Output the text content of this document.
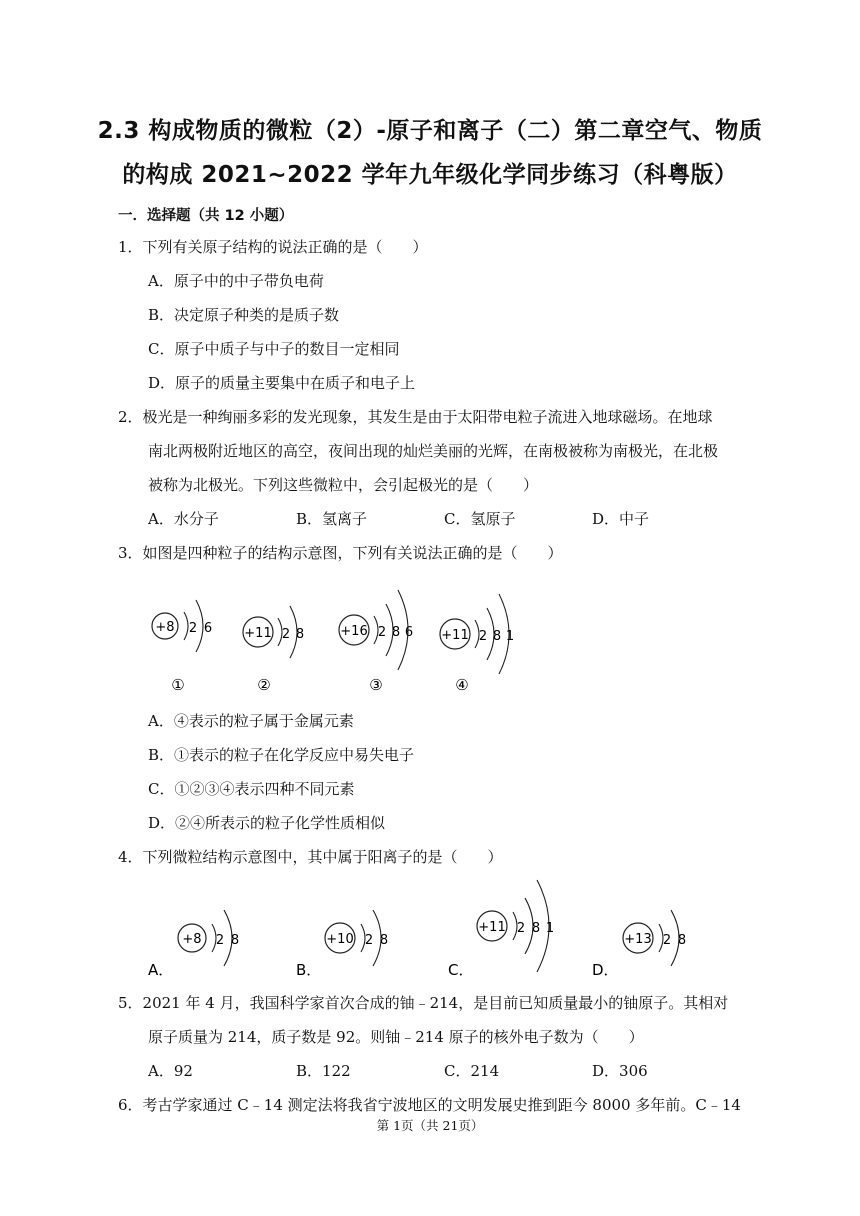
2.3 构成物质的微粒（2）-原子和离子（二）第二章空气、物质
的构成 2021~2022 学年九年级化学同步练习（科粤版）
一．选择题（共 12 小题）
1．下列有关原子结构的说法正确的是（　　）
A．原子中的中子带负电荷
B．决定原子种类的是质子数
C．原子中质子与中子的数目一定相同
D．原子的质量主要集中在质子和电子上
2．极光是一种绚丽多彩的发光现象，其发生是由于太阳带电粒子流进入地球磁场。在地球
南北两极附近地区的高空，夜间出现的灿烂美丽的光辉，在南极被称为南极光，在北极
被称为北极光。下列这些微粒中，会引起极光的是（　　）
A．水分子	B．氢离子	C．氢原子	D．中子
3．如图是四种粒子的结构示意图，下列有关说法正确的是（　　）
+8 2 6
①
+11 2 8
②
+16 2 8 6
③
+11 2 8 1
④
A．④表示的粒子属于金属元素
B．①表示的粒子在化学反应中易失电子
C．①②③④表示四种不同元素
D．②④所表示的粒子化学性质相似
4．下列微粒结构示意图中，其中属于阳离子的是（　　）
A．
+8 2 8
B．
+10 2 8
C．
+11 2 8 1
D．
+13 2 8
5．2021 年 4 月，我国科学家首次合成的铀﹣214，是目前已知质量最小的铀原子。其相对
原子质量为 214，质子数是 92。则铀﹣214 原子的核外电子数为（　　）
A．92	B．122	C．214	D．306
6．考古学家通过 C﹣14 测定法将我省宁波地区的文明发展史推到距今 8000 多年前。C﹣14
第 1页（共 21页）
